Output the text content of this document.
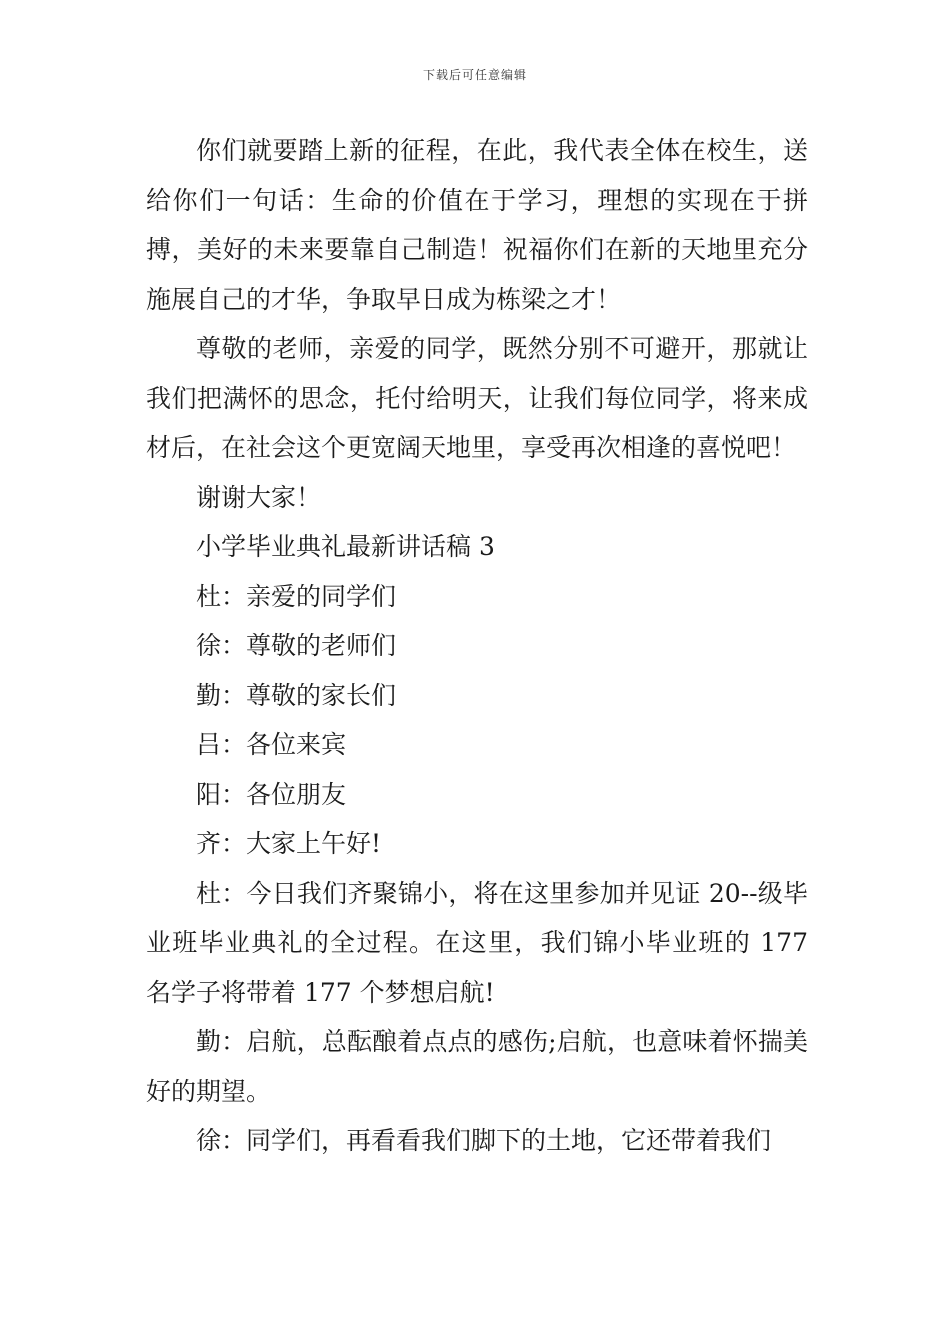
下载后可任意编辑

你们就要踏上新的征程，在此，我代表全体在校生，送给你们一句话：生命的价值在于学习，理想的实现在于拼搏，美好的未来要靠自己制造！祝福你们在新的天地里充分施展自己的才华，争取早日成为栋梁之才！

尊敬的老师，亲爱的同学，既然分别不可避开，那就让我们把满怀的思念，托付给明天，让我们每位同学，将来成材后，在社会这个更宽阔天地里，享受再次相逢的喜悦吧！

谢谢大家！

小学毕业典礼最新讲话稿 3

杜：亲爱的同学们

徐：尊敬的老师们

勤：尊敬的家长们

吕：各位来宾

阳：各位朋友

齐：大家上午好!

杜：今日我们齐聚锦小，将在这里参加并见证 20--级毕业班毕业典礼的全过程。在这里，我们锦小毕业班的 177 名学子将带着 177 个梦想启航!

勤：启航，总酝酿着点点的感伤;启航，也意味着怀揣美好的期望。

徐：同学们，再看看我们脚下的土地，它还带着我们
